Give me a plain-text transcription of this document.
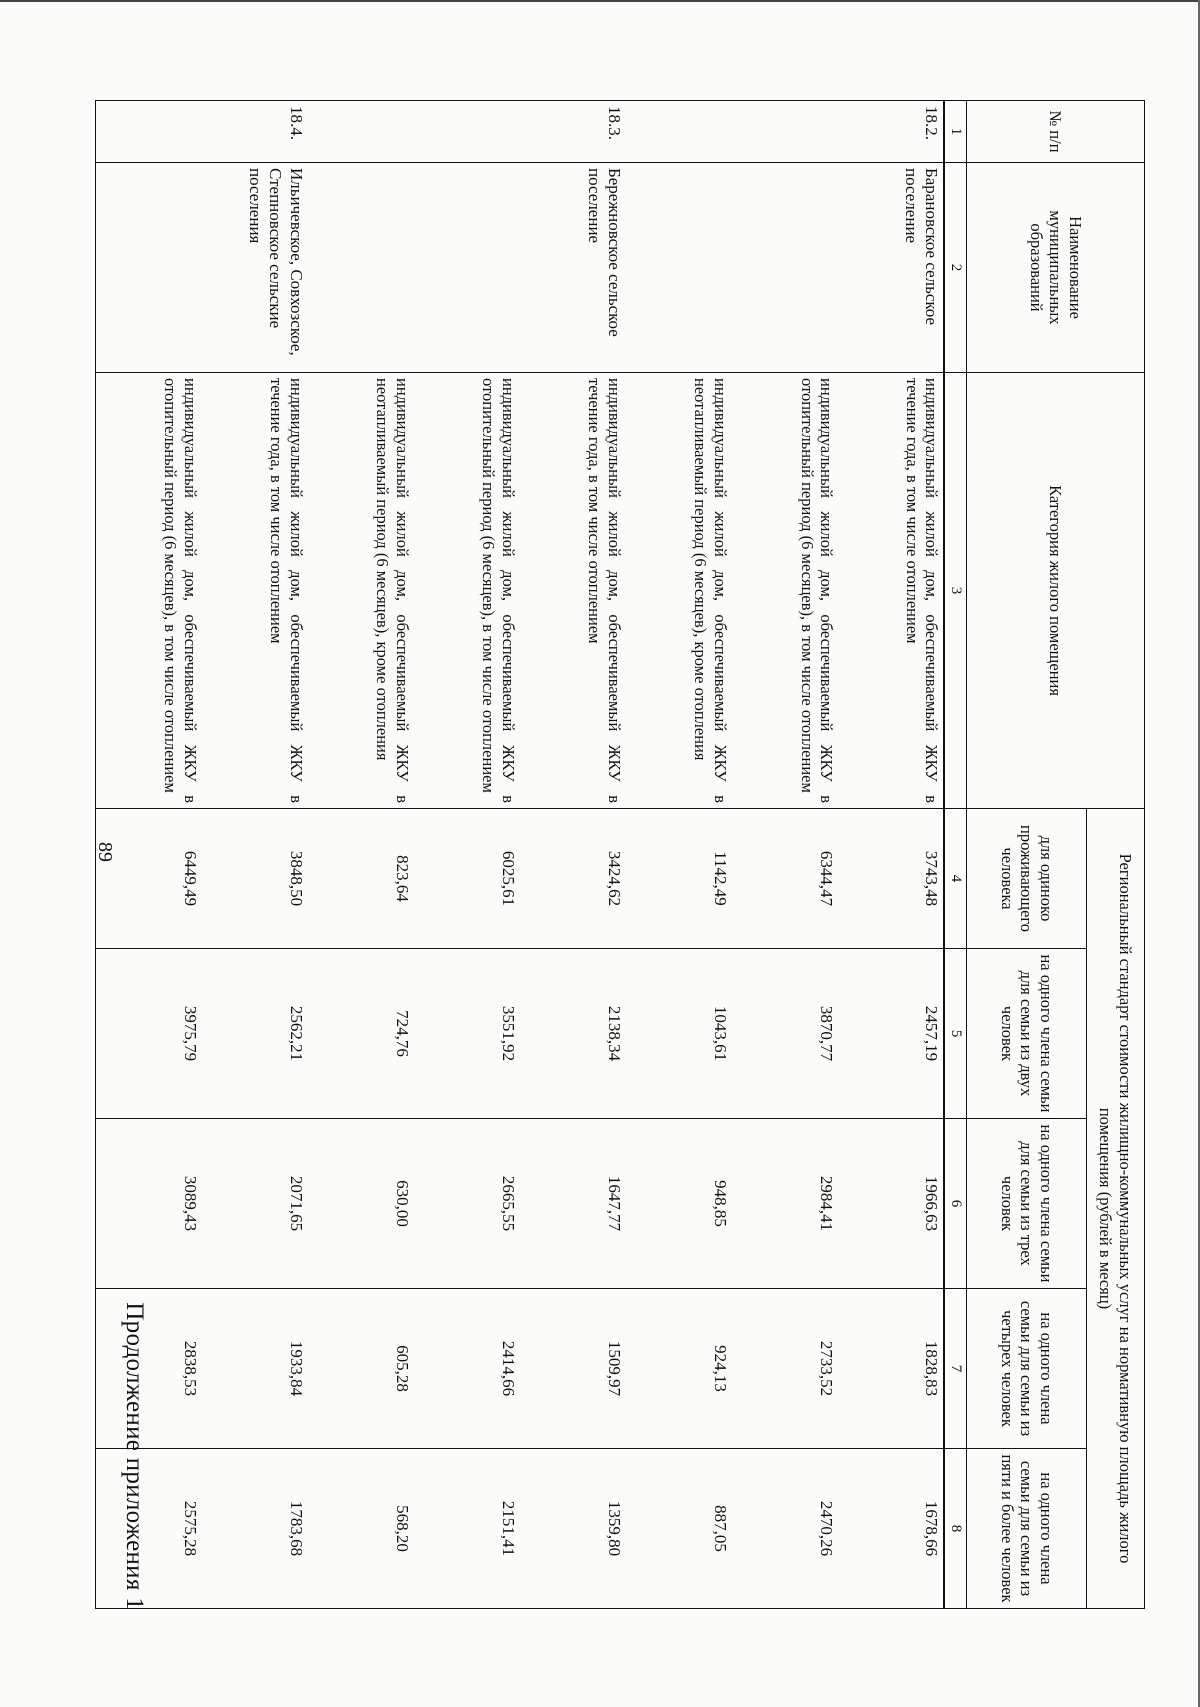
89
Продолжение приложения 1
№ п/п	Наименование муниципальных образований	Категория жилого помещения	Региональный стандарт стоимости жилищно-коммунальных услуг на нормативную площадь жилого помещения (рублей в месяц)				
			для одиноко проживающего человека	на одного члена семьи для семьи из двух человек	на одного члена семьи для семьи из трех человек	на одного члена семьи для семьи из четырех человек	на одного члена семьи для семьи из пяти и более человек
1	2	3	4	5	6	7	8
18.2.	Барановское сельское поселение	индивидуальный жилой дом, обеспечиваемый ЖКУ в течение года, в том числе отоплением	3743,48	2457,19	1966,63	1828,83	1678,66
		индивидуальный жилой дом, обеспечиваемый ЖКУ в отопительный период (6 месяцев), в том числе отоплением	6344,47	3870,77	2984,41	2733,52	2470,26
		индивидуальный жилой дом, обеспечиваемый ЖКУ в неотапливаемый период (6 месяцев), кроме отопления	1142,49	1043,61	948,85	924,13	887,05
18.3.	Бережновское сельское поселение	индивидуальный жилой дом, обеспечиваемый ЖКУ в течение года, в том числе отоплением	3424,62	2138,34	1647,77	1509,97	1359,80
		индивидуальный жилой дом, обеспечиваемый ЖКУ в отопительный период (6 месяцев), в том числе отоплением	6025,61	3551,92	2665,55	2414,66	2151,41
		индивидуальный жилой дом, обеспечиваемый ЖКУ в неотапливаемый период (6 месяцев), кроме отопления	823,64	724,76	630,00	605,28	568,20
18.4.	Ильичевское, Совхозское, Степновское сельские поселения	индивидуальный жилой дом, обеспечиваемый ЖКУ в течение года, в том числе отоплением	3848,50	2562,21	2071,65	1933,84	1783,68
		индивидуальный жилой дом, обеспечиваемый ЖКУ в отопительный период (6 месяцев), в том числе отоплением	6449,49	3975,79	3089,43	2838,53	2575,28
